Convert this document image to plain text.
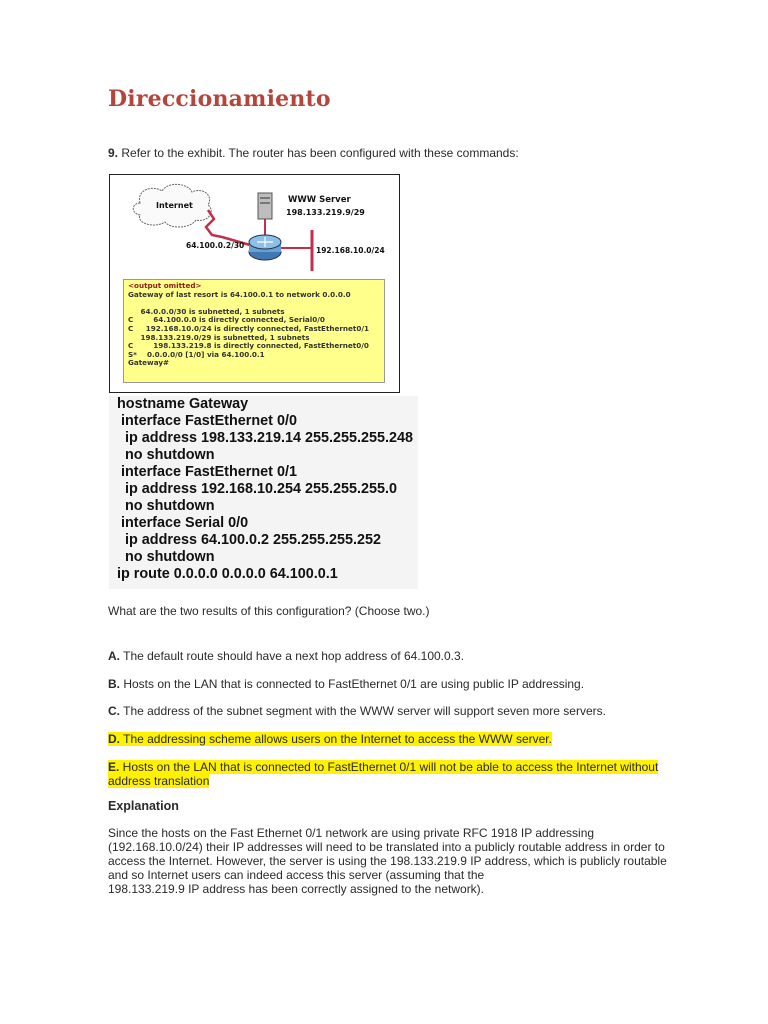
Direccionamiento
9. Refer to the exhibit. The router has been configured with these commands:
Internet
WWW Server
198.133.219.9/29
64.100.0.2/30
192.168.10.0/24
<output omitted>
Gateway of last resort is 64.100.0.1 to network 0.0.0.0
64.0.0.0/30 is subnetted, 1 subnets
C        64.100.0.0 is directly connected, Serial0/0
C     192.168.10.0/24 is directly connected, FastEthernet0/1
198.133.219.0/29 is subnetted, 1 subnets
C        198.133.219.8 is directly connected, FastEthernet0/0
S*    0.0.0.0/0 [1/0] via 64.100.0.1
Gateway#
hostname Gateway
interface FastEthernet 0/0
ip address 198.133.219.14 255.255.255.248
no shutdown
interface FastEthernet 0/1
ip address 192.168.10.254 255.255.255.0
no shutdown
interface Serial 0/0
ip address 64.100.0.2 255.255.255.252
no shutdown
ip route 0.0.0.0 0.0.0.0 64.100.0.1
What are the two results of this configuration? (Choose two.)
A. The default route should have a next hop address of 64.100.0.3.
B. Hosts on the LAN that is connected to FastEthernet 0/1 are using public IP addressing.
C. The address of the subnet segment with the WWW server will support seven more servers.
D. The addressing scheme allows users on the Internet to access the WWW server.
E. Hosts on the LAN that is connected to FastEthernet 0/1 will not be able to access the Internet without
address translation
Explanation
Since the hosts on the Fast Ethernet 0/1 network are using private RFC 1918 IP addressing
(192.168.10.0/24) their IP addresses will need to be translated into a publicly routable address in order to
access the Internet. However, the server is using the 198.133.219.9 IP address, which is publicly routable
and so Internet users can indeed access this server (assuming that the
198.133.219.9 IP address has been correctly assigned to the network).
